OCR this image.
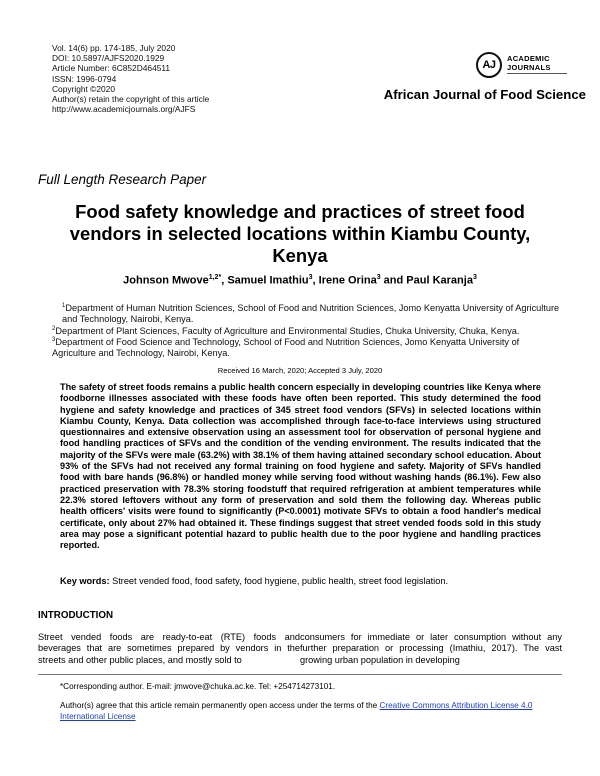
Vol. 14(6) pp. 174-185, July 2020
DOI: 10.5897/AJFS2020.1929
Article Number: 6C852D464511
ISSN: 1996-0794
Copyright ©2020
Author(s) retain the copyright of this article
http://www.academicjournals.org/AJFS
AJ
ACADEMIC
JOURNALS
African Journal of Food Science
Full Length Research Paper
Food safety knowledge and practices of street food vendors in selected locations within Kiambu County, Kenya
Johnson Mwove$^{1,2*}$, Samuel Imathiu$^3$, Irene Orina$^3$ and Paul Karanja$^3$
$^1$Department of Human Nutrition Sciences, School of Food and Nutrition Sciences, Jomo Kenyatta University of Agriculture and Technology, Nairobi, Kenya.
$^2$Department of Plant Sciences, Faculty of Agriculture and Environmental Studies, Chuka University, Chuka, Kenya.
$^3$Department of Food Science and Technology, School of Food and Nutrition Sciences, Jomo Kenyatta University of Agriculture and Technology, Nairobi, Kenya.
Received 16 March, 2020; Accepted 3 July, 2020
The safety of street foods remains a public health concern especially in developing countries like Kenya where foodborne illnesses associated with these foods have often been reported. This study determined the food hygiene and safety knowledge and practices of 345 street food vendors (SFVs) in selected locations within Kiambu County, Kenya. Data collection was accomplished through face-to-face interviews using structured questionnaires and extensive observation using an assessment tool for observation of personal hygiene and food handling practices of SFVs and the condition of the vending environment. The results indicated that the majority of the SFVs were male (63.2%) with 38.1% of them having attained secondary school education. About 93% of the SFVs had not received any formal training on food hygiene and safety. Majority of SFVs handled food with bare hands (96.8%) or handled money while serving food without washing hands (86.1%). Few also practiced preservation with 78.3% storing foodstuff that required refrigeration at ambient temperatures while 22.3% stored leftovers without any form of preservation and sold them the following day. Whereas public health officers' visits were found to significantly (P<0.0001) motivate SFVs to obtain a food handler's medical certificate, only about 27% had obtained it. These findings suggest that street vended foods sold in this study area may pose a significant potential hazard to public health due to the poor hygiene and handling practices reported.
Key words: Street vended food, food safety, food hygiene, public health, street food legislation.
INTRODUCTION
Street vended foods are ready-to-eat (RTE) foods and beverages that are sometimes prepared by vendors in the streets and other public places, and mostly sold to
consumers for immediate or later consumption without any further preparation or processing (Imathiu, 2017). The vast growing urban population in developing
*Corresponding author. E-mail: jmwove@chuka.ac.ke. Tel: +254714273101.
Author(s) agree that this article remain permanently open access under the terms of the Creative Commons Attribution License 4.0 International License
